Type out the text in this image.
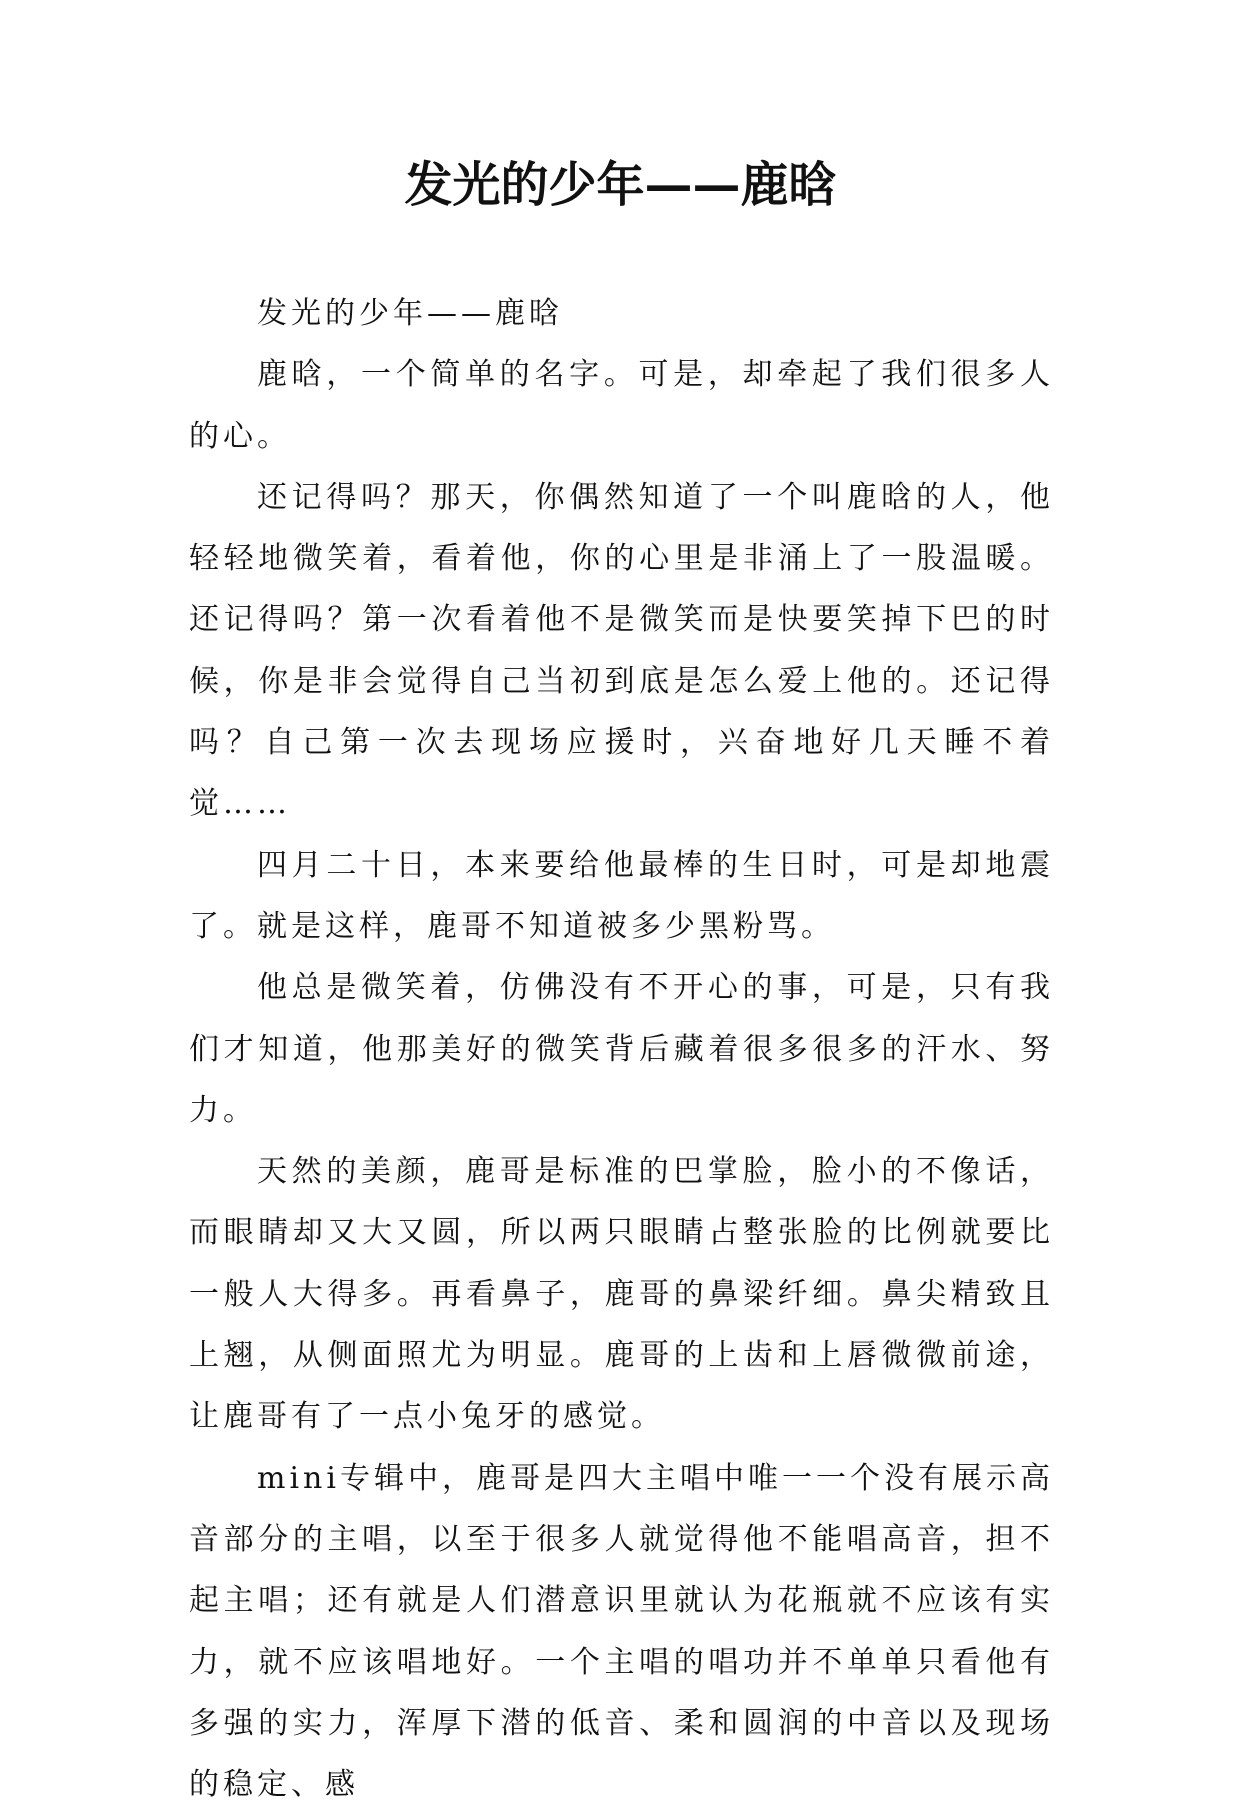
发光的少年——鹿晗

发光的少年——鹿晗

鹿晗，一个简单的名字。可是，却牵起了我们很多人的心。

还记得吗？那天，你偶然知道了一个叫鹿晗的人，他轻轻地微笑着，看着他，你的心里是非涌上了一股温暖。还记得吗？第一次看着他不是微笑而是快要笑掉下巴的时候，你是非会觉得自己当初到底是怎么爱上他的。还记得吗？自己第一次去现场应援时，兴奋地好几天睡不着觉……

四月二十日，本来要给他最棒的生日时，可是却地震了。就是这样，鹿哥不知道被多少黑粉骂。

他总是微笑着，仿佛没有不开心的事，可是，只有我们才知道，他那美好的微笑背后藏着很多很多的汗水、努力。

天然的美颜，鹿哥是标准的巴掌脸，脸小的不像话，而眼睛却又大又圆，所以两只眼睛占整张脸的比例就要比一般人大得多。再看鼻子，鹿哥的鼻梁纤细。鼻尖精致且上翘，从侧面照尤为明显。鹿哥的上齿和上唇微微前途，让鹿哥有了一点小兔牙的感觉。

mini专辑中，鹿哥是四大主唱中唯一一个没有展示高音部分的主唱，以至于很多人就觉得他不能唱高音，担不起主唱；还有就是人们潜意识里就认为花瓶就不应该有实力，就不应该唱地好。一个主唱的唱功并不单单只看他有多强的实力，浑厚下潜的低音、柔和圆润的中音以及现场的稳定、感
